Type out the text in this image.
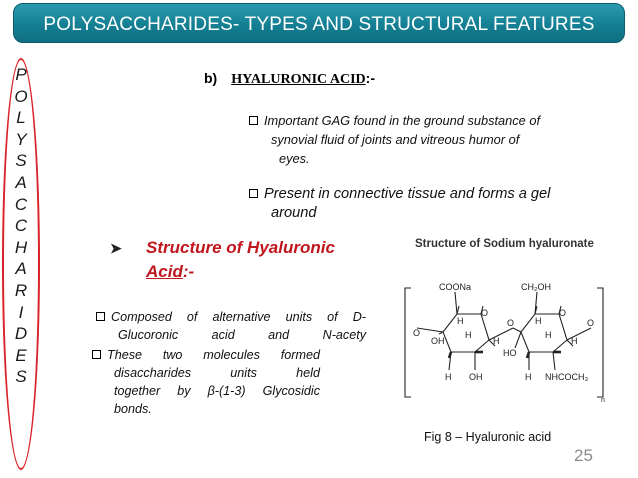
POLYSACCHARIDES- TYPES AND STRUCTURAL FEATURES
P
O
L
Y
S
A
C
C
H
A
R
I
D
E
S
b) HYALURONIC ACID:-
Important GAG found in the ground substance of
synovial fluid of joints and vitreous humor of
eyes.
Present in connective tissue and forms a gel
around
➤ Structure of Hyaluronic
Acid:-
Composed of alternative units of D-
Glucoronic acid and N-acety
These two molecules formed
disaccharides units held
together by β-(1-3) Glycosidic
bonds.
Structure of Sodium hyaluronate
COONa	CH₂OH
O	O
O
O	O
OH
H
H
H
H OH
H
H
H
HO
H NHCOCH₃
n
Fig 8 – Hyaluronic acid
25
